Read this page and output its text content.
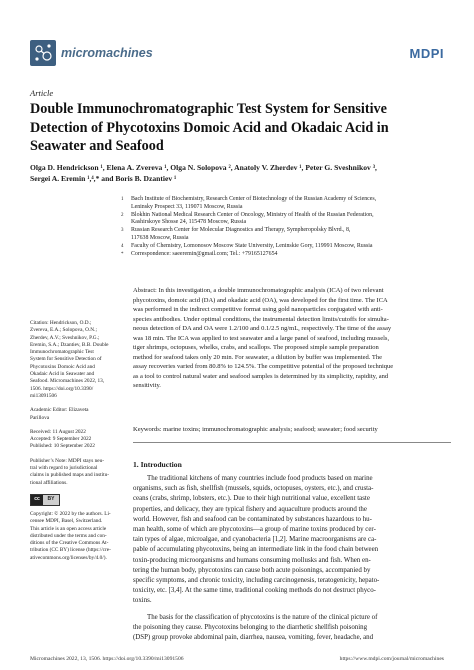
micromachines	MDPI
Article
Double Immunochromatographic Test System for Sensitive
Detection of Phycotoxins Domoic Acid and Okadaic Acid in
Seawater and Seafood
Olga D. Hendrickson ¹, Elena A. Zvereva ¹, Olga N. Solopova ², Anatoly V. Zherdev ¹, Peter G. Sveshnikov ³,
Sergei A. Eremin ¹,⁴,* and Boris B. Dzantiev ¹
1 Bach Institute of Biochemistry, Research Center of Biotechnology of the Russian Academy of Sciences,
Leninsky Prospect 33, 119071 Moscow, Russia
2 Blokhin National Medical Research Center of Oncology, Ministry of Health of the Russian Federation,
Kashirskoye Shosse 24, 115478 Moscow, Russia
3 Russian Research Center for Molecular Diagnostics and Therapy, Sympheropolsky Blvrd., 8,
117638 Moscow, Russia
4 Faculty of Chemistry, Lomonosov Moscow State University, Leninskie Gory, 119991 Moscow, Russia
* Correspondence: saeeremin@gmail.com; Tel.: +79165127654
Abstract: In this investigation, a double immunochromatographic analysis (ICA) of two relevant
phycotoxins, domoic acid (DA) and okadaic acid (OA), was developed for the first time. The ICA
was performed in the indirect competitive format using gold nanoparticles conjugated with anti-
species antibodies. Under optimal conditions, the instrumental detection limits/cutoffs for simulta-
neous detection of DA and OA were 1.2/100 and 0.1/2.5 ng/mL, respectively. The time of the assay
was 18 min. The ICA was applied to test seawater and a large panel of seafood, including mussels,
tiger shrimps, octopuses, whelks, crabs, and scallops. The proposed simple sample preparation
method for seafood takes only 20 min. For seawater, a dilution by buffer was implemented. The
assay recoveries varied from 80.8% to 124.5%. The competitive potential of the proposed technique
as a tool to control natural water and seafood samples is determined by its simplicity, rapidity, and
sensitivity.
Keywords: marine toxins; immunochromatographic analysis; seafood; seawater; food security
Citation: Hendrickson, O.D.;
Zvereva, E.A.; Solopova, O.N.;
Zherdev, A.V.; Sveshnikov, P.G.;
Eremin, S.A.; Dzantiev, B.B. Double
Immunochromatographic Test
System for Sensitive Detection of
Phycotoxins Domoic Acid and
Okadaic Acid in Seawater and
Seafood. Micromachines 2022, 13,
1506. https://doi.org/10.3390/
mi13091506
Academic Editor: Elizaveta
Parillova
Received: 11 August 2022
Accepted: 9 September 2022
Published: 10 September 2022
Publisher’s Note: MDPI stays neu-
tral with regard to jurisdictional
claims in published maps and institu-
tional affiliations.
cc	BY
Copyright: © 2022 by the authors. Li-
censee MDPI, Basel, Switzerland.
This article is an open access article
distributed under the terms and con-
ditions of the Creative Commons At-
tribution (CC BY) license (https://cre-
ativecommons.org/licenses/by/4.0/).
1. Introduction
The traditional kitchens of many countries include food products based on marine
organisms, such as fish, shellfish (mussels, squids, octopuses, oysters, etc.), and crusta-
ceans (crabs, shrimp, lobsters, etc.). Due to their high nutritional value, excellent taste
properties, and delicacy, they are typical fishery and aquaculture products around the
world. However, fish and seafood can be contaminated by substances hazardous to hu-
man health, some of which are phycotoxins—a group of marine toxins produced by cer-
tain types of algae, microalgae, and cyanobacteria [1,2]. Marine macroorganisms are ca-
pable of accumulating phycotoxins, being an intermediate link in the food chain between
toxin-producing microorganisms and humans consuming mollusks and fish. When en-
tering the human body, phycotoxins can cause both acute poisonings, accompanied by
specific symptoms, and chronic toxicity, including carcinogenesis, teratogenicity, hepato-
toxicity, etc. [3,4]. At the same time, traditional cooking methods do not destruct phyco-
toxins.
The basis for the classification of phycotoxins is the nature of the clinical picture of
the poisoning they cause. Phycotoxins belonging to the diarrhetic shellfish poisoning
(DSP) group provoke abdominal pain, diarrhea, nausea, vomiting, fever, headache, and
Micromachines 2022, 13, 1506. https://doi.org/10.3390/mi13091506	https://www.mdpi.com/journal/micromachines
